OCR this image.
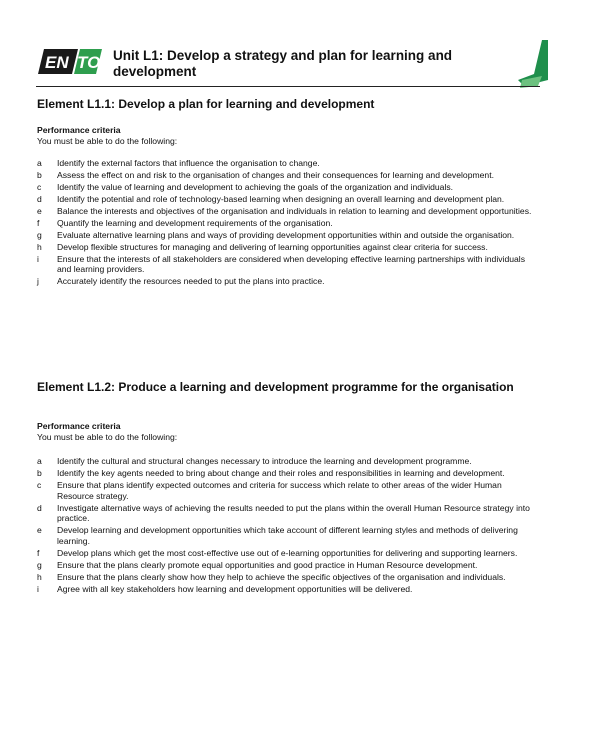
EN TO Unit L1: Develop a strategy and plan for learning and development
Element L1.1: Develop a plan for learning and development
Performance criteria
You must be able to do the following:
a	Identify the external factors that influence the organisation to change.
b	Assess the effect on and risk to the organisation of changes and their consequences for learning and development.
c	Identify the value of learning and development to achieving the goals of the organization and individuals.
d	Identify the potential and role of technology-based learning when designing an overall learning and development plan.
e	Balance the interests and objectives of the organisation and individuals in relation to learning and development opportunities.
f	Quantify the learning and development requirements of the organisation.
g	Evaluate alternative learning plans and ways of providing development opportunities within and outside the organisation.
h	Develop flexible structures for managing and delivering of learning opportunities against clear criteria for success.
i	Ensure that the interests of all stakeholders are considered when developing effective learning partnerships with individuals and learning providers.
j	Accurately identify the resources needed to put the plans into practice.
Element L1.2: Produce a learning and development programme for the organisation
Performance criteria
You must be able to do the following:
a	Identify the cultural and structural changes necessary to introduce the learning and development programme.
b	Identify the key agents needed to bring about change and their roles and responsibilities in learning and development.
c	Ensure that plans identify expected outcomes and criteria for success which relate to other areas of the wider Human Resource strategy.
d	Investigate alternative ways of achieving the results needed to put the plans within the overall Human Resource strategy into practice.
e	Develop learning and development opportunities which take account of different learning styles and methods of delivering learning.
f	Develop plans which get the most cost-effective use out of e-learning opportunities for delivering and supporting learners.
g	Ensure that the plans clearly promote equal opportunities and good practice in Human Resource development.
h	Ensure that the plans clearly show how they help to achieve the specific objectives of the organisation and individuals.
i	Agree with all key stakeholders how learning and development opportunities will be delivered.
